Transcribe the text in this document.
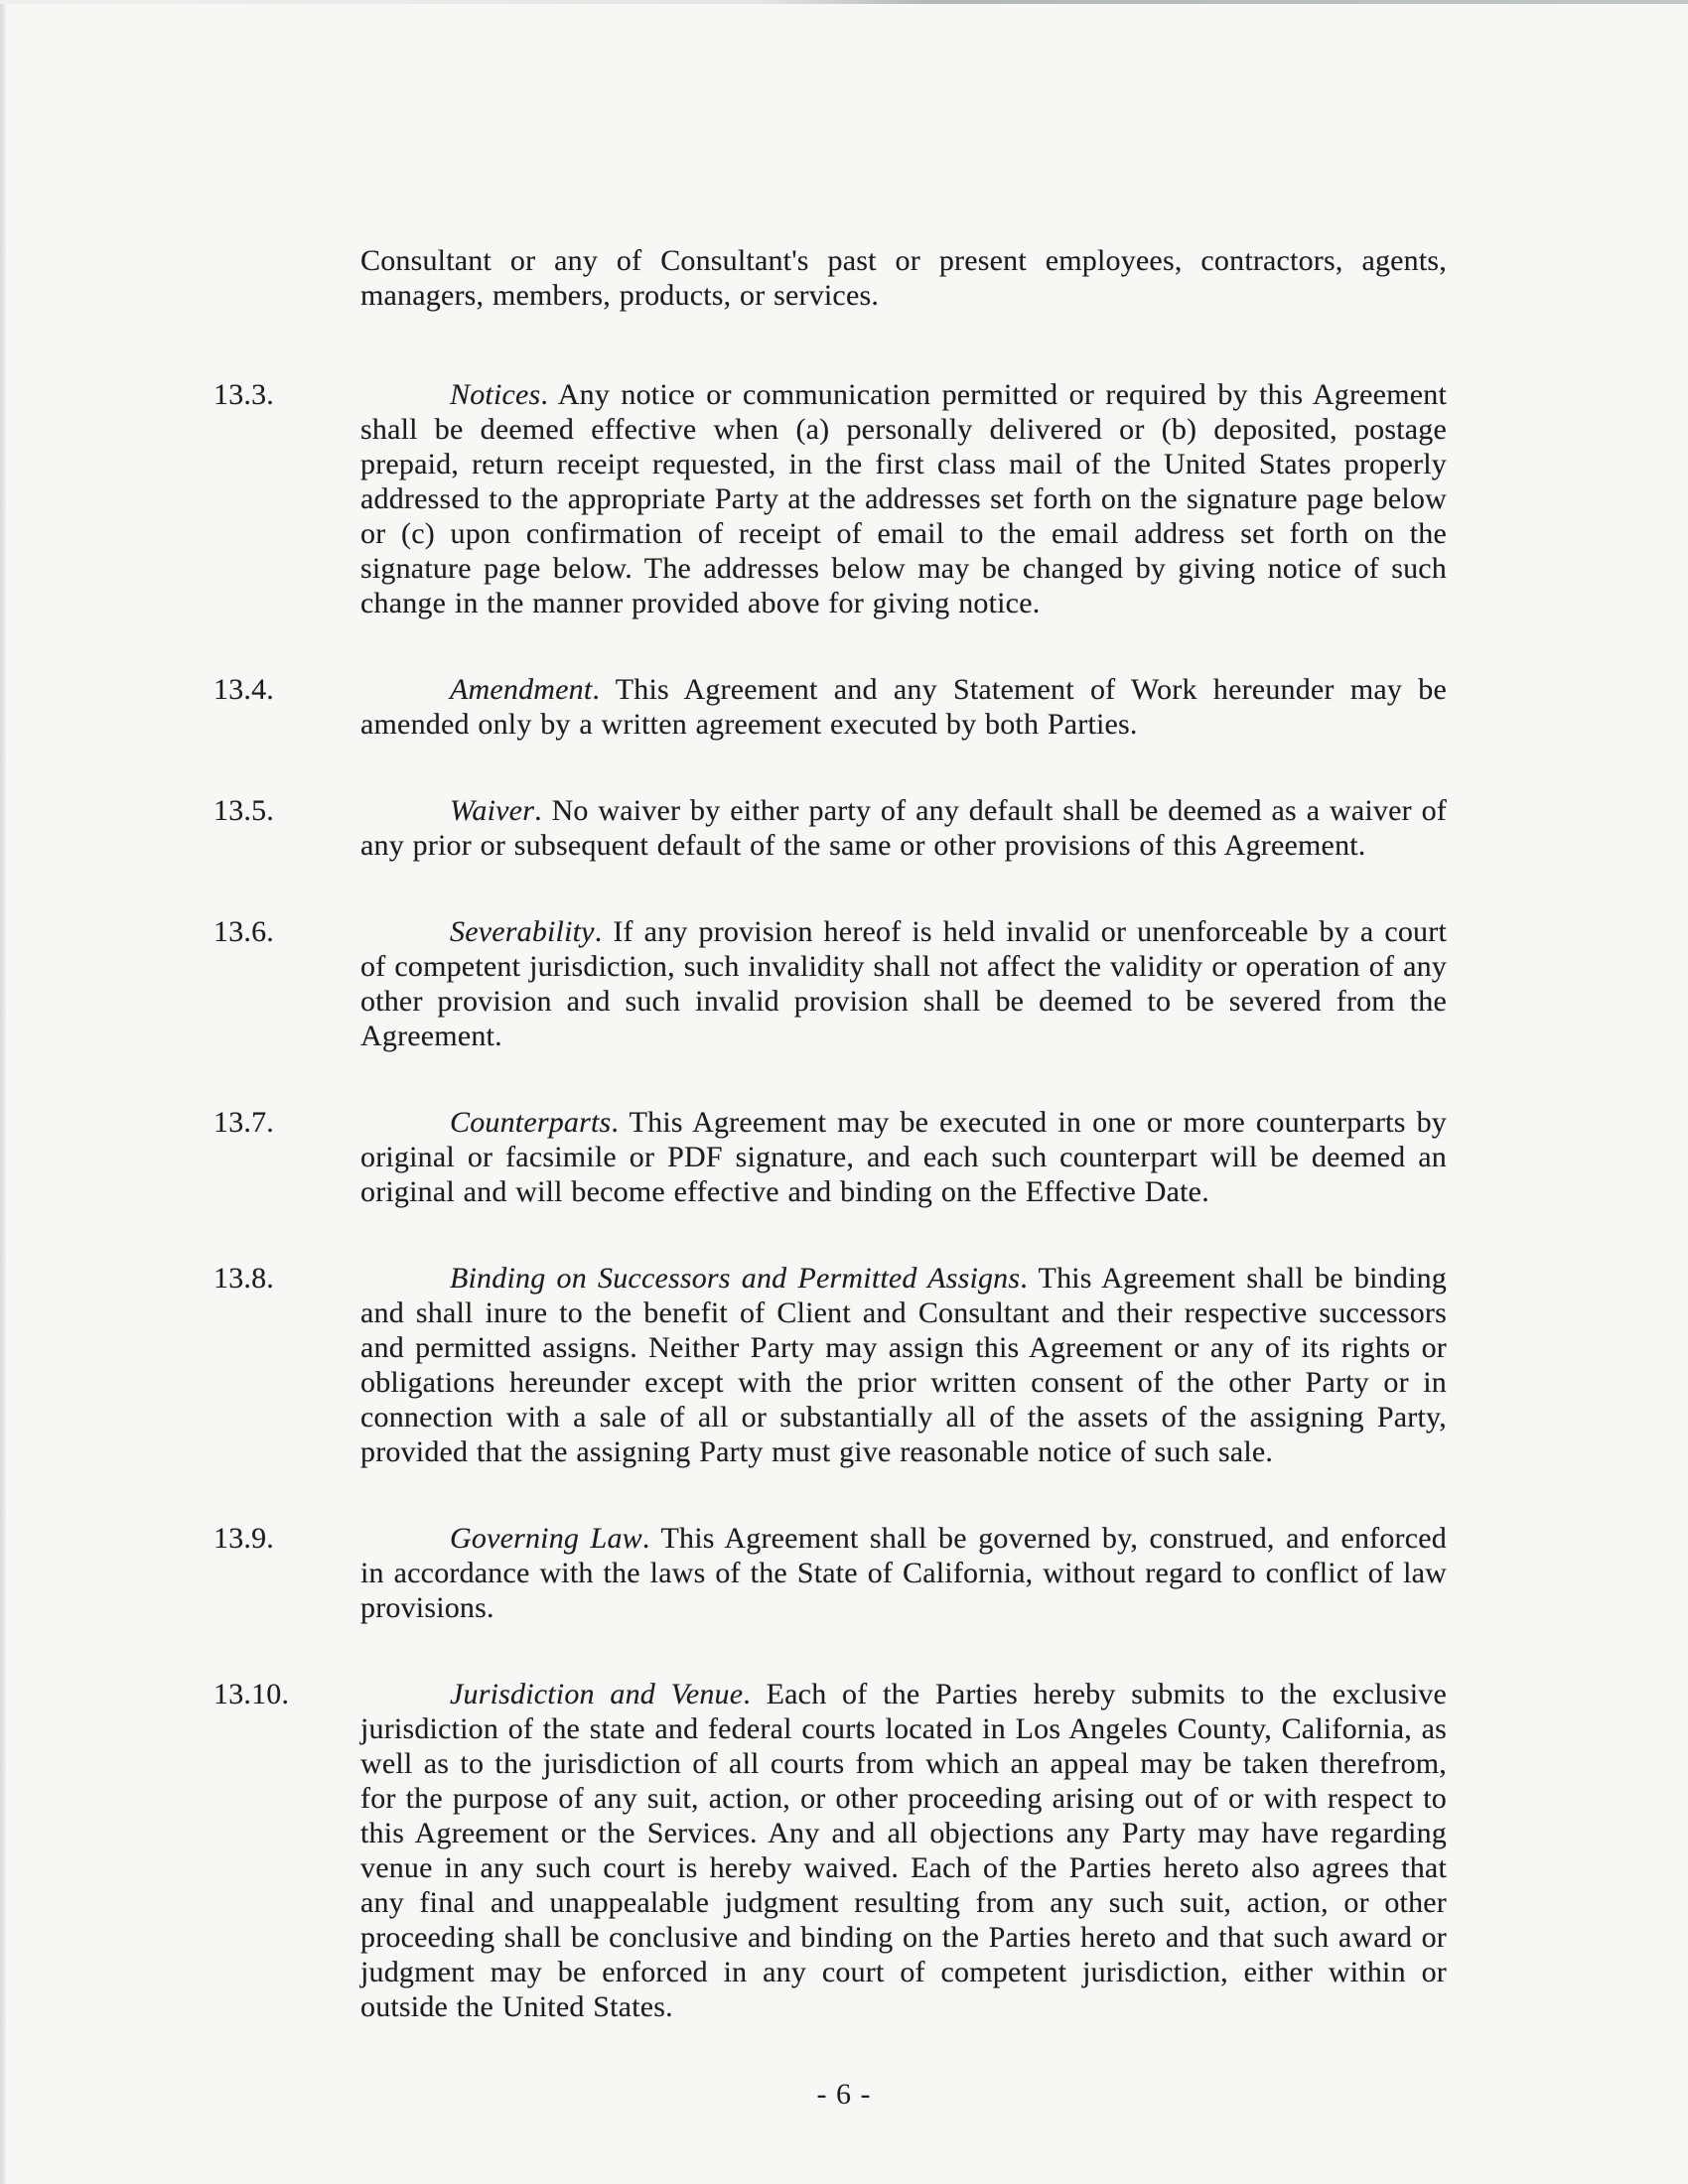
Consultant or any of Consultant's past or present employees, contractors, agents, managers, members, products, or services.

13.3.	Notices. Any notice or communication permitted or required by this Agreement shall be deemed effective when (a) personally delivered or (b) deposited, postage prepaid, return receipt requested, in the first class mail of the United States properly addressed to the appropriate Party at the addresses set forth on the signature page below or (c) upon confirmation of receipt of email to the email address set forth on the signature page below. The addresses below may be changed by giving notice of such change in the manner provided above for giving notice.

13.4.	Amendment. This Agreement and any Statement of Work hereunder may be amended only by a written agreement executed by both Parties.

13.5.	Waiver. No waiver by either party of any default shall be deemed as a waiver of any prior or subsequent default of the same or other provisions of this Agreement.

13.6.	Severability. If any provision hereof is held invalid or unenforceable by a court of competent jurisdiction, such invalidity shall not affect the validity or operation of any other provision and such invalid provision shall be deemed to be severed from the Agreement.

13.7.	Counterparts. This Agreement may be executed in one or more counterparts by original or facsimile or PDF signature, and each such counterpart will be deemed an original and will become effective and binding on the Effective Date.

13.8.	Binding on Successors and Permitted Assigns. This Agreement shall be binding and shall inure to the benefit of Client and Consultant and their respective successors and permitted assigns. Neither Party may assign this Agreement or any of its rights or obligations hereunder except with the prior written consent of the other Party or in connection with a sale of all or substantially all of the assets of the assigning Party, provided that the assigning Party must give reasonable notice of such sale.

13.9.	Governing Law. This Agreement shall be governed by, construed, and enforced in accordance with the laws of the State of California, without regard to conflict of law provisions.

13.10.	Jurisdiction and Venue. Each of the Parties hereby submits to the exclusive jurisdiction of the state and federal courts located in Los Angeles County, California, as well as to the jurisdiction of all courts from which an appeal may be taken therefrom, for the purpose of any suit, action, or other proceeding arising out of or with respect to this Agreement or the Services. Any and all objections any Party may have regarding venue in any such court is hereby waived. Each of the Parties hereto also agrees that any final and unappealable judgment resulting from any such suit, action, or other proceeding shall be conclusive and binding on the Parties hereto and that such award or judgment may be enforced in any court of competent jurisdiction, either within or outside the United States.

- 6 -
